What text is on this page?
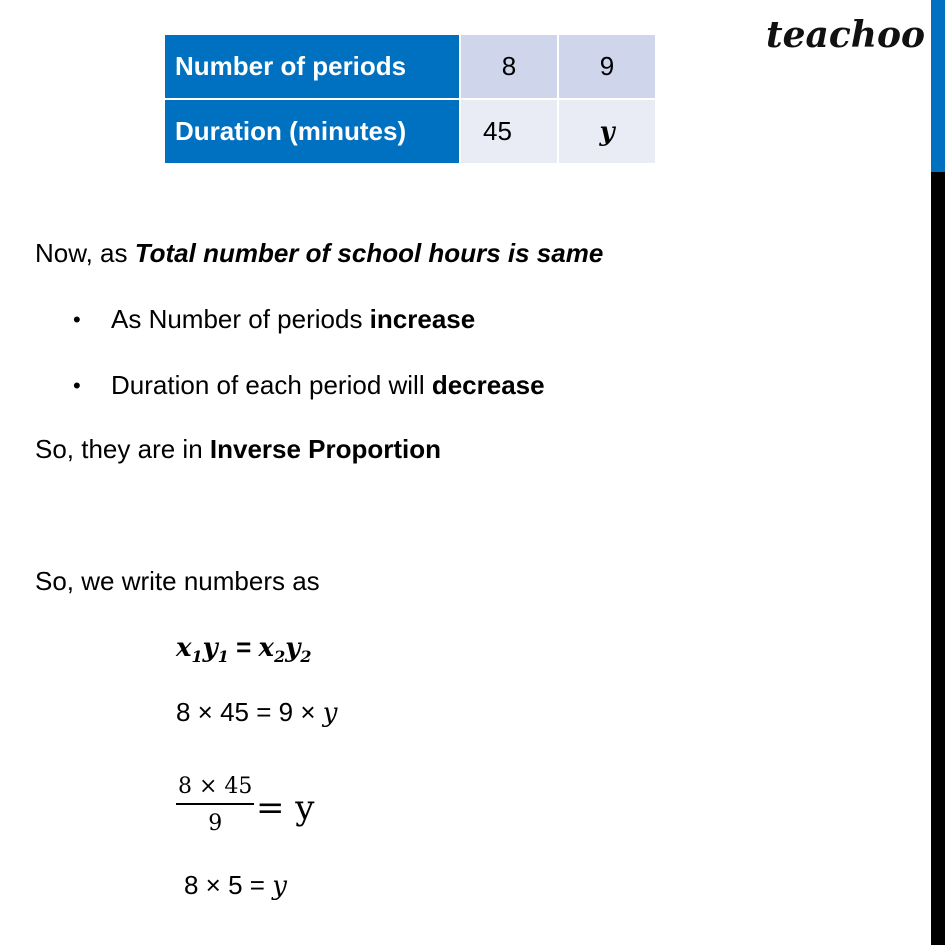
teachoo
Number of periods	8	9
Duration (minutes)	45	y
Now, as Total number of school hours is same
• As Number of periods increase
• Duration of each period will decrease
So, they are in Inverse Proportion
So, we write numbers as
$x_1y_1 = x_2y_2$
8 × 45 = 9 × y
$\frac{8 \times 45}{9} = y$
8 × 5 = y
